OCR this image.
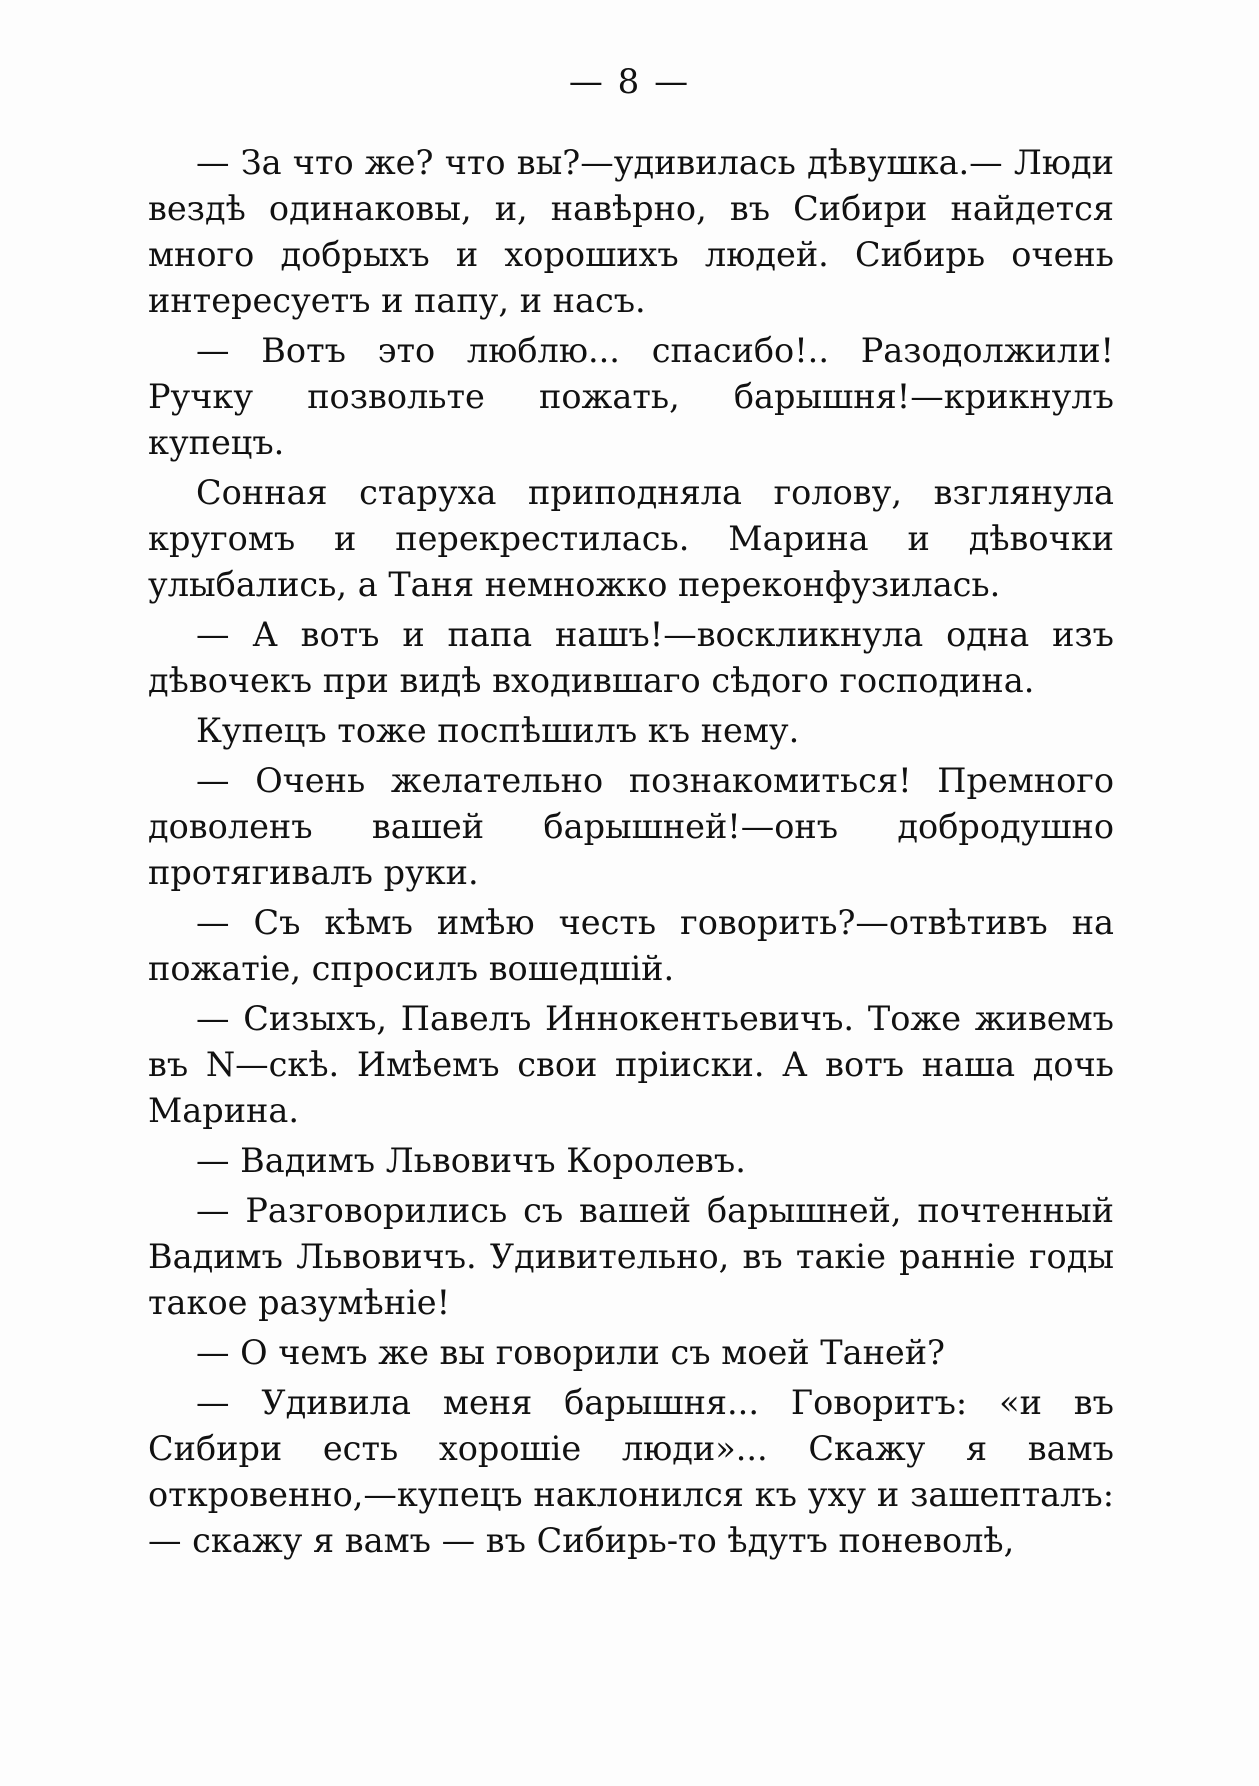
— 8 —

— За что же? что вы?—удивилась дѣвушка.— Люди вездѣ одинаковы, и, навѣрно, въ Сибири найдется много добрыхъ и хорошихъ людей. Сибирь очень интересуетъ и папу, и насъ.

— Вотъ это люблю... спасибо!.. Разодолжили! Ручку позвольте пожать, барышня!—крикнулъ купецъ.

Сонная старуха приподняла голову, взглянула кругомъ и перекрестилась. Марина и дѣвочки улыбались, а Таня немножко переконфузилась.

— А вотъ и папа нашъ!—воскликнула одна изъ дѣвочекъ при видѣ входившаго сѣдого господина.

Купецъ тоже поспѣшилъ къ нему.

— Очень желательно познакомиться! Премного доволенъ вашей барышней!—онъ добродушно протягивалъ руки.

— Съ кѣмъ имѣю честь говорить?—отвѣтивъ на пожатіе, спросилъ вошедшій.

— Сизыхъ, Павелъ Иннокентьевичъ. Тоже живемъ въ N—скѣ. Имѣемъ свои пріиски. А вотъ наша дочь Марина.

— Вадимъ Львовичъ Королевъ.

— Разговорились съ вашей барышней, почтенный Вадимъ Львовичъ. Удивительно, въ такіе ранніе годы такое разумѣніе!

— О чемъ же вы говорили съ моей Таней?

— Удивила меня барышня... Говоритъ: «и въ Сибири есть хорошіе люди»... Скажу я вамъ откровенно,—купецъ наклонился къ уху и зашепталъ:— скажу я вамъ — въ Сибирь-то ѣдутъ поневолѣ,
